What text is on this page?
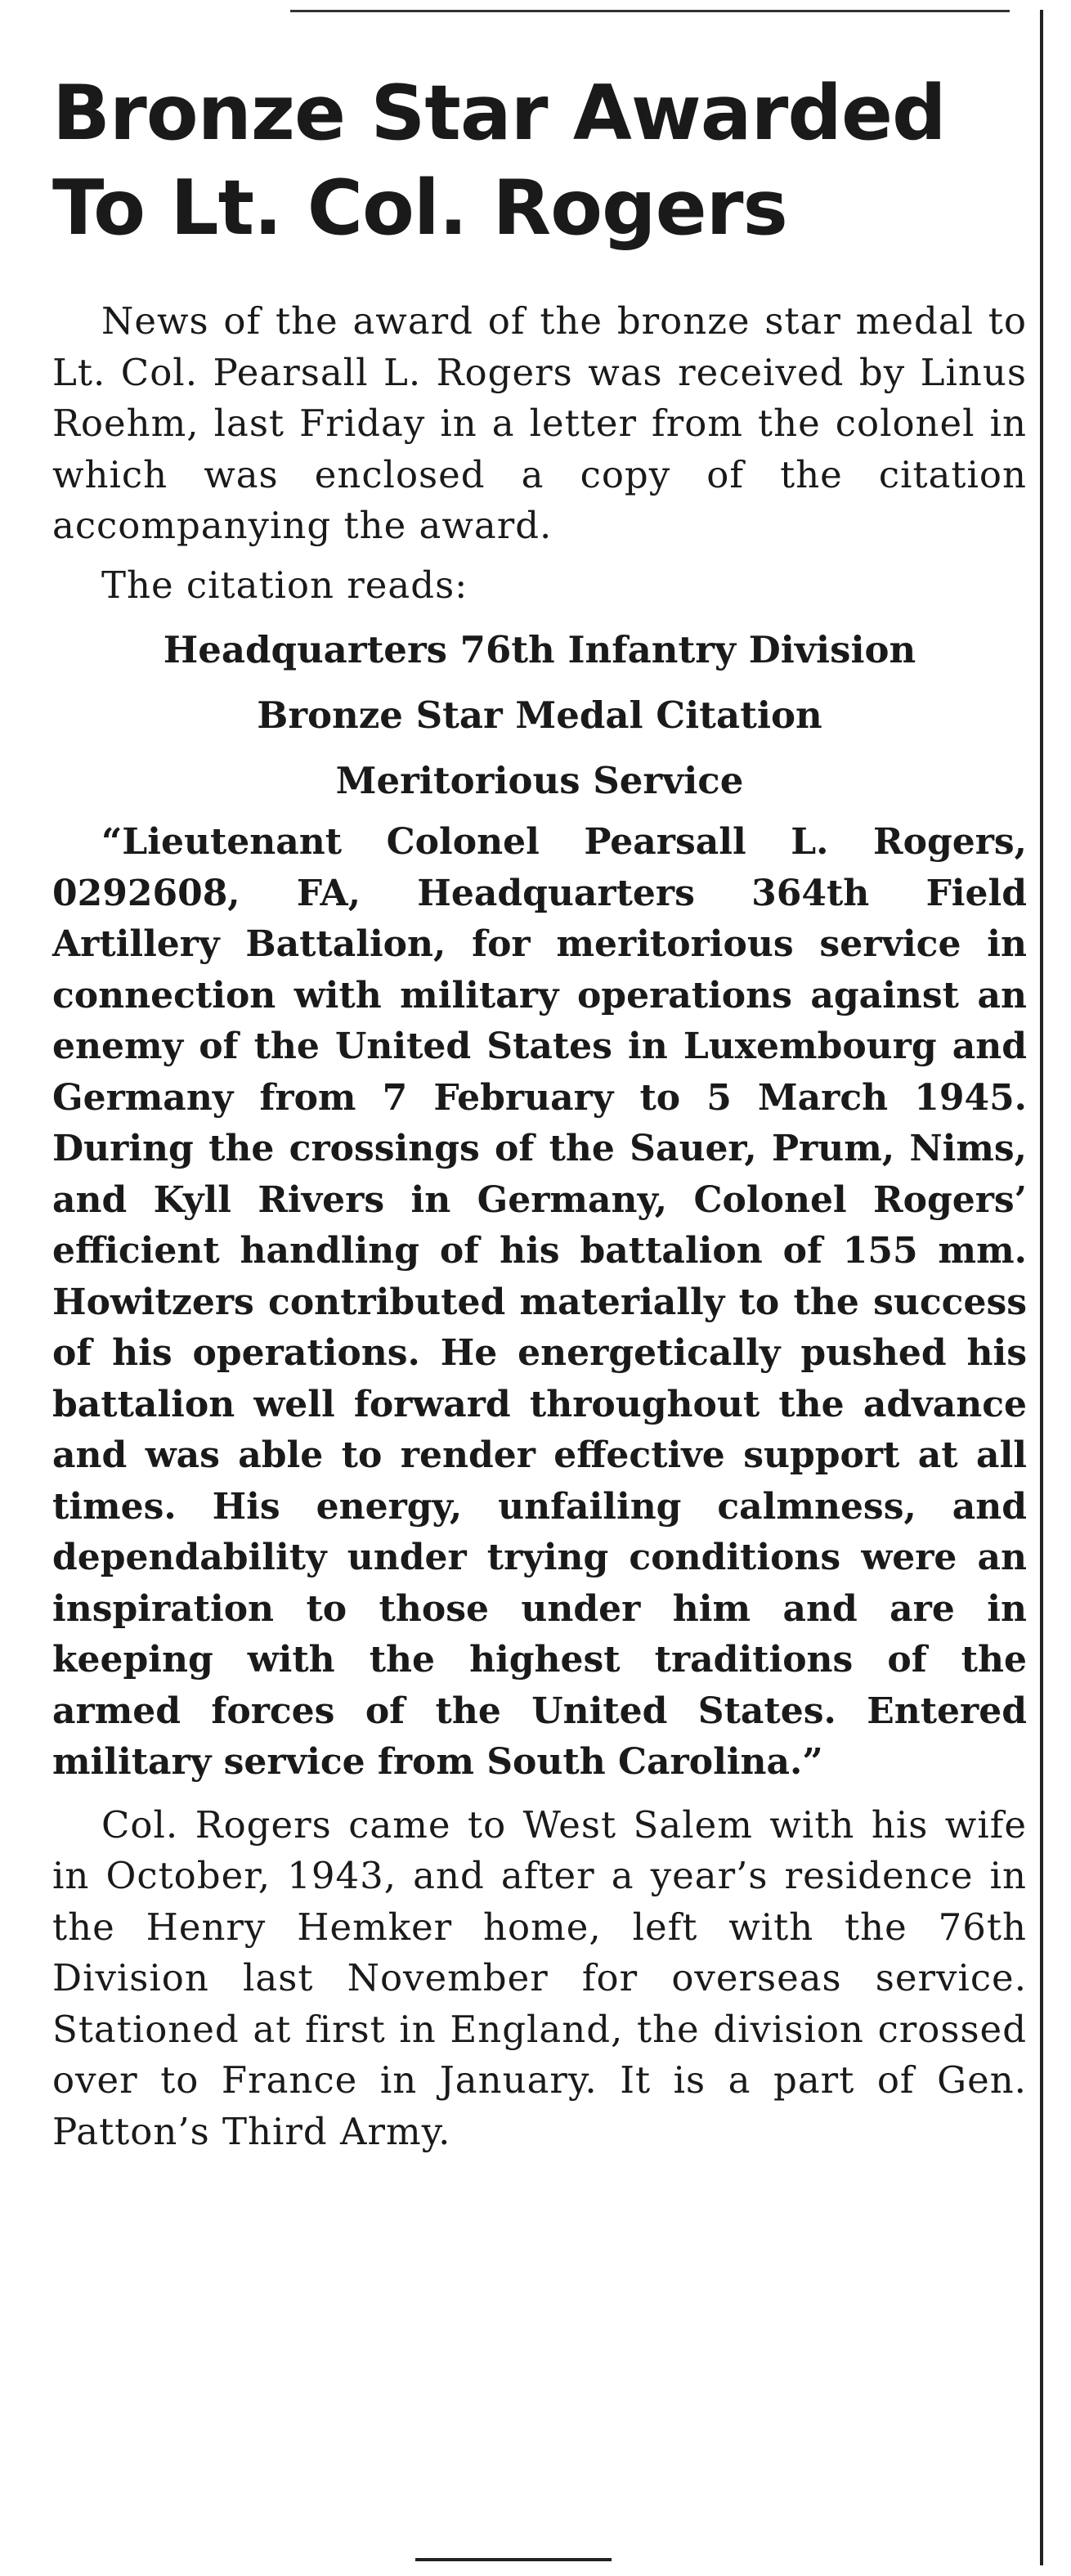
Bronze Star Awarded
To Lt. Col. Rogers

News of the award of the bronze star medal to Lt. Col. Pearsall L. Rogers was received by Linus Roehm, last Friday in a letter from the colonel in which was enclosed a copy of the citation accompanying the award.

The citation reads:

Headquarters 76th Infantry Division

Bronze Star Medal Citation

Meritorious Service

“Lieutenant Colonel Pearsall L. Rogers, 0292608, FA, Headquarters 364th Field Artillery Battalion, for meritorious service in connection with military operations against an enemy of the United States in Luxembourg and Germany from 7 February to 5 March 1945. During the crossings of the Sauer, Prum, Nims, and Kyll Rivers in Germany, Colonel Rogers’ efficient handling of his battalion of 155 mm. Howitzers contributed materially to the success of his operations. He energetically pushed his battalion well forward throughout the advance and was able to render effective support at all times. His energy, unfailing calmness, and dependability under trying conditions were an inspiration to those under him and are in keeping with the highest traditions of the armed forces of the United States. Entered military service from South Carolina.”

Col. Rogers came to West Salem with his wife in October, 1943, and after a year’s residence in the Henry Hemker home, left with the 76th Division last November for overseas service. Stationed at first in England, the division crossed over to France in January. It is a part of Gen. Patton’s Third Army.
